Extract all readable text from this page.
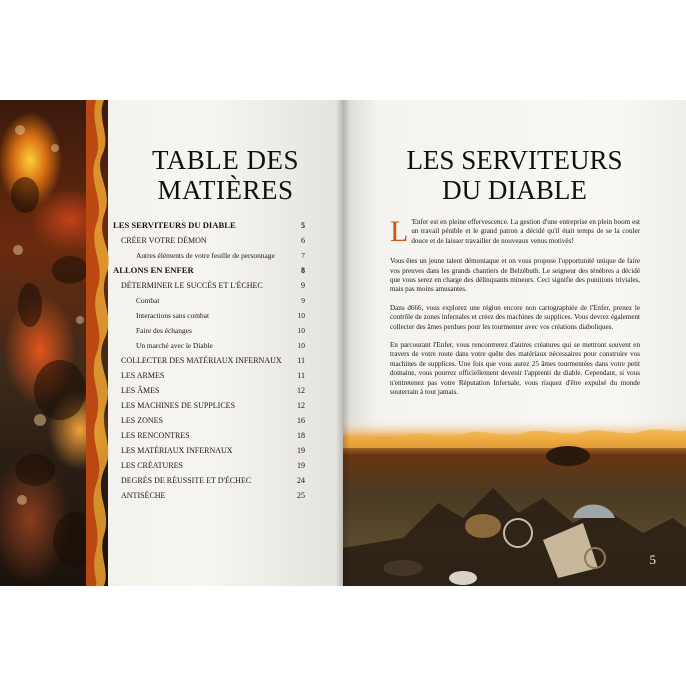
TABLE DES
MATIÈRES
LES SERVITEURS DU DIABLE	5
CRÉER VOTRE DÉMON	6
Autres éléments de votre feuille de personnage	7
ALLONS EN ENFER	8
DÉTERMINER LE SUCCÈS ET L'ÉCHEC	9
Combat	9
Interactions sans combat	10
Faire des échanges	10
Un marché avec le Diable	10
COLLECTER DES MATÉRIAUX INFERNAUX 11
LES ARMES	11
LES ÂMES	12
LES MACHINES DE SUPPLICES	12
LES ZONES	16
LES RENCONTRES	18
LES MATÉRIAUX INFERNAUX	19
LES CRÉATURES	19
DEGRÉS DE RÉUSSITE ET D'ÉCHEC	24
ANTISÈCHE	25
LES SERVITEURS
DU DIABLE

L 'Enfer est en pleine effervescence. La gestion d'une entreprise en plein boom est un travail pénible et le grand patron a décidé qu'il était temps de se la couler douce et de laisser travailler de nouveaux venus motivés!

Vous êtes un jeune talent démoniaque et on vous propose l'opportunité unique de faire vos preuves dans les grands chantiers de Belzébuth. Le seigneur des ténèbres a décidé que vous serez en charge des délinquants mineurs. Ceci signifie des punitions triviales, mais pas moins amusantes.

Dans d666, vous explorez une région encore non cartographiée de l'Enfer, prenez le contrôle de zones infernales et créez des machines de supplices. Vous devrez également collecter des âmes perdues pour les tourmenter avec vos créations diaboliques.

En parcourant l'Enfer, vous rencontrerez d'autres créatures qui se mettront souvent en travers de votre route dans votre quête des matériaux nécessaires pour construire vos machines de supplices. Une fois que vous aurez 25 âmes tourmentées dans votre petit domaine, vous pourrez officiellement devenir l'apprenti du diable. Cependant, si vous n'entretenez pas votre Réputation Infernale, vous risquez d'être expulsé du monde souterrain à tout jamais.

5
